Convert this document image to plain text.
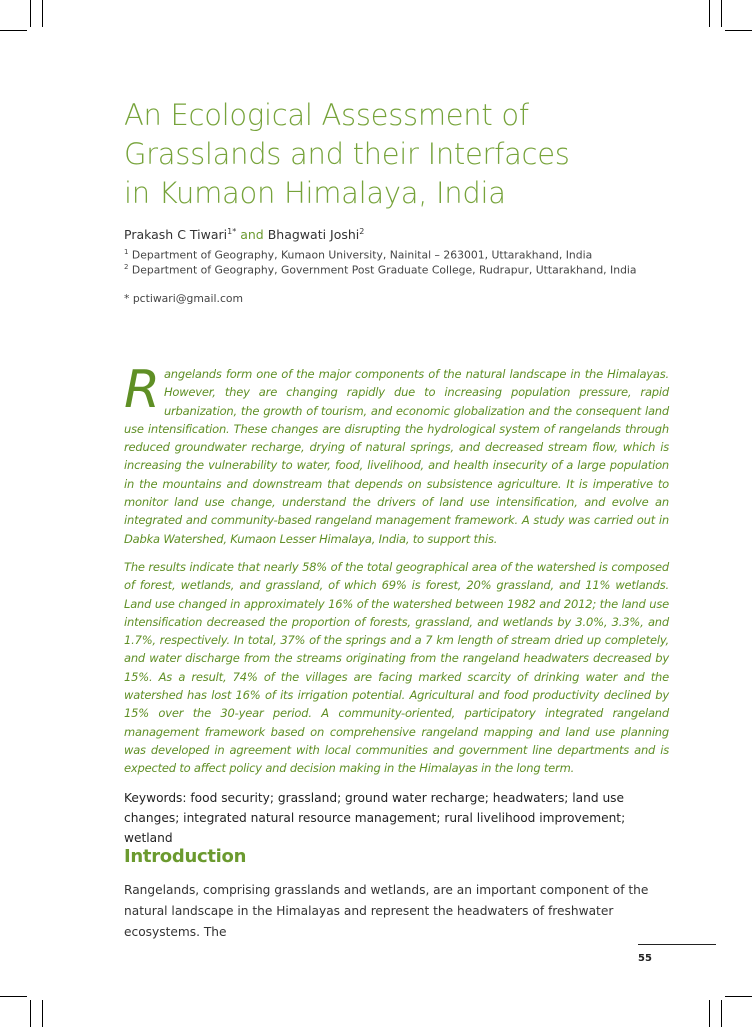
An Ecological Assessment of
Grasslands and their Interfaces
in Kumaon Himalaya, India
Prakash C Tiwari$^{1*}$ and Bhagwati Joshi$^2$
$^1$ Department of Geography, Kumaon University, Nainital – 263001, Uttarakhand, India
$^2$ Department of Geography, Government Post Graduate College, Rudrapur, Uttarakhand, India
* pctiwari@gmail.com
Rangelands form one of the major components of the natural landscape in the Himalayas. However, they are changing rapidly due to increasing population pressure, rapid urbanization, the growth of tourism, and economic globalization and the consequent land use intensification. These changes are disrupting the hydrological system of rangelands through reduced groundwater recharge, drying of natural springs, and decreased stream flow, which is increasing the vulnerability to water, food, livelihood, and health insecurity of a large population in the mountains and downstream that depends on subsistence agriculture. It is imperative to monitor land use change, understand the drivers of land use intensification, and evolve an integrated and community-based rangeland management framework. A study was carried out in Dabka Watershed, Kumaon Lesser Himalaya, India, to support this.
The results indicate that nearly 58% of the total geographical area of the watershed is composed of forest, wetlands, and grassland, of which 69% is forest, 20% grassland, and 11% wetlands. Land use changed in approximately 16% of the watershed between 1982 and 2012; the land use intensification decreased the proportion of forests, grassland, and wetlands by 3.0%, 3.3%, and 1.7%, respectively. In total, 37% of the springs and a 7 km length of stream dried up completely, and water discharge from the streams originating from the rangeland headwaters decreased by 15%. As a result, 74% of the villages are facing marked scarcity of drinking water and the watershed has lost 16% of its irrigation potential. Agricultural and food productivity declined by 15% over the 30-year period. A community-oriented, participatory integrated rangeland management framework based on comprehensive rangeland mapping and land use planning was developed in agreement with local communities and government line departments and is expected to affect policy and decision making in the Himalayas in the long term.
Keywords: food security; grassland; ground water recharge; headwaters; land use changes; integrated natural resource management; rural livelihood improvement; wetland
Introduction
Rangelands, comprising grasslands and wetlands, are an important component of the natural landscape in the Himalayas and represent the headwaters of freshwater ecosystems. The
55
